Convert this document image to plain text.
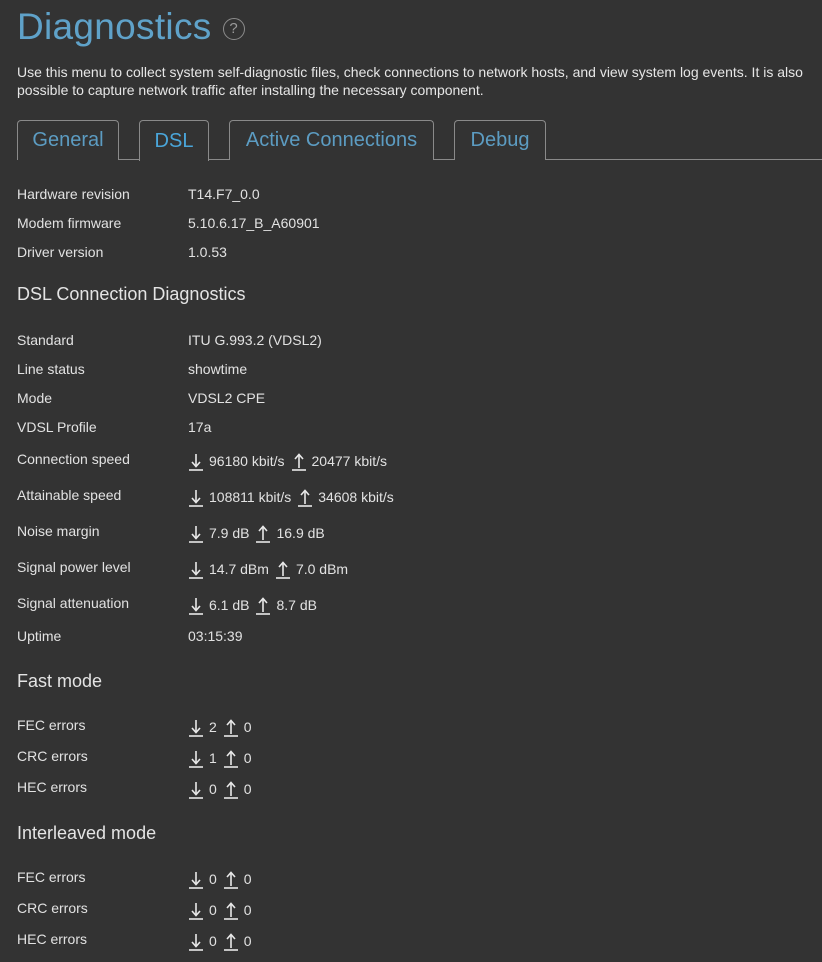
Diagnostics	?
Use this menu to collect system self-diagnostic files, check connections to network hosts, and view system log events. It is also possible to capture network traffic after installing the necessary component.
General	DSL	Active Connections	Debug
Hardware revision	T14.F7_0.0
Modem firmware	5.10.6.17_B_A60901
Driver version	1.0.53
DSL Connection Diagnostics
Standard	ITU G.993.2 (VDSL2)
Line status	showtime
Mode	VDSL2 CPE
VDSL Profile	17a
Connection speed	96180 kbit/s 20477 kbit/s
Attainable speed	108811 kbit/s 34608 kbit/s
Noise margin	7.9 dB 16.9 dB
Signal power level	14.7 dBm 7.0 dBm
Signal attenuation	6.1 dB 8.7 dB
Uptime	03:15:39
Fast mode
FEC errors	2 0
CRC errors	1 0
HEC errors	0 0
Interleaved mode
FEC errors	0 0
CRC errors	0 0
HEC errors	0 0
